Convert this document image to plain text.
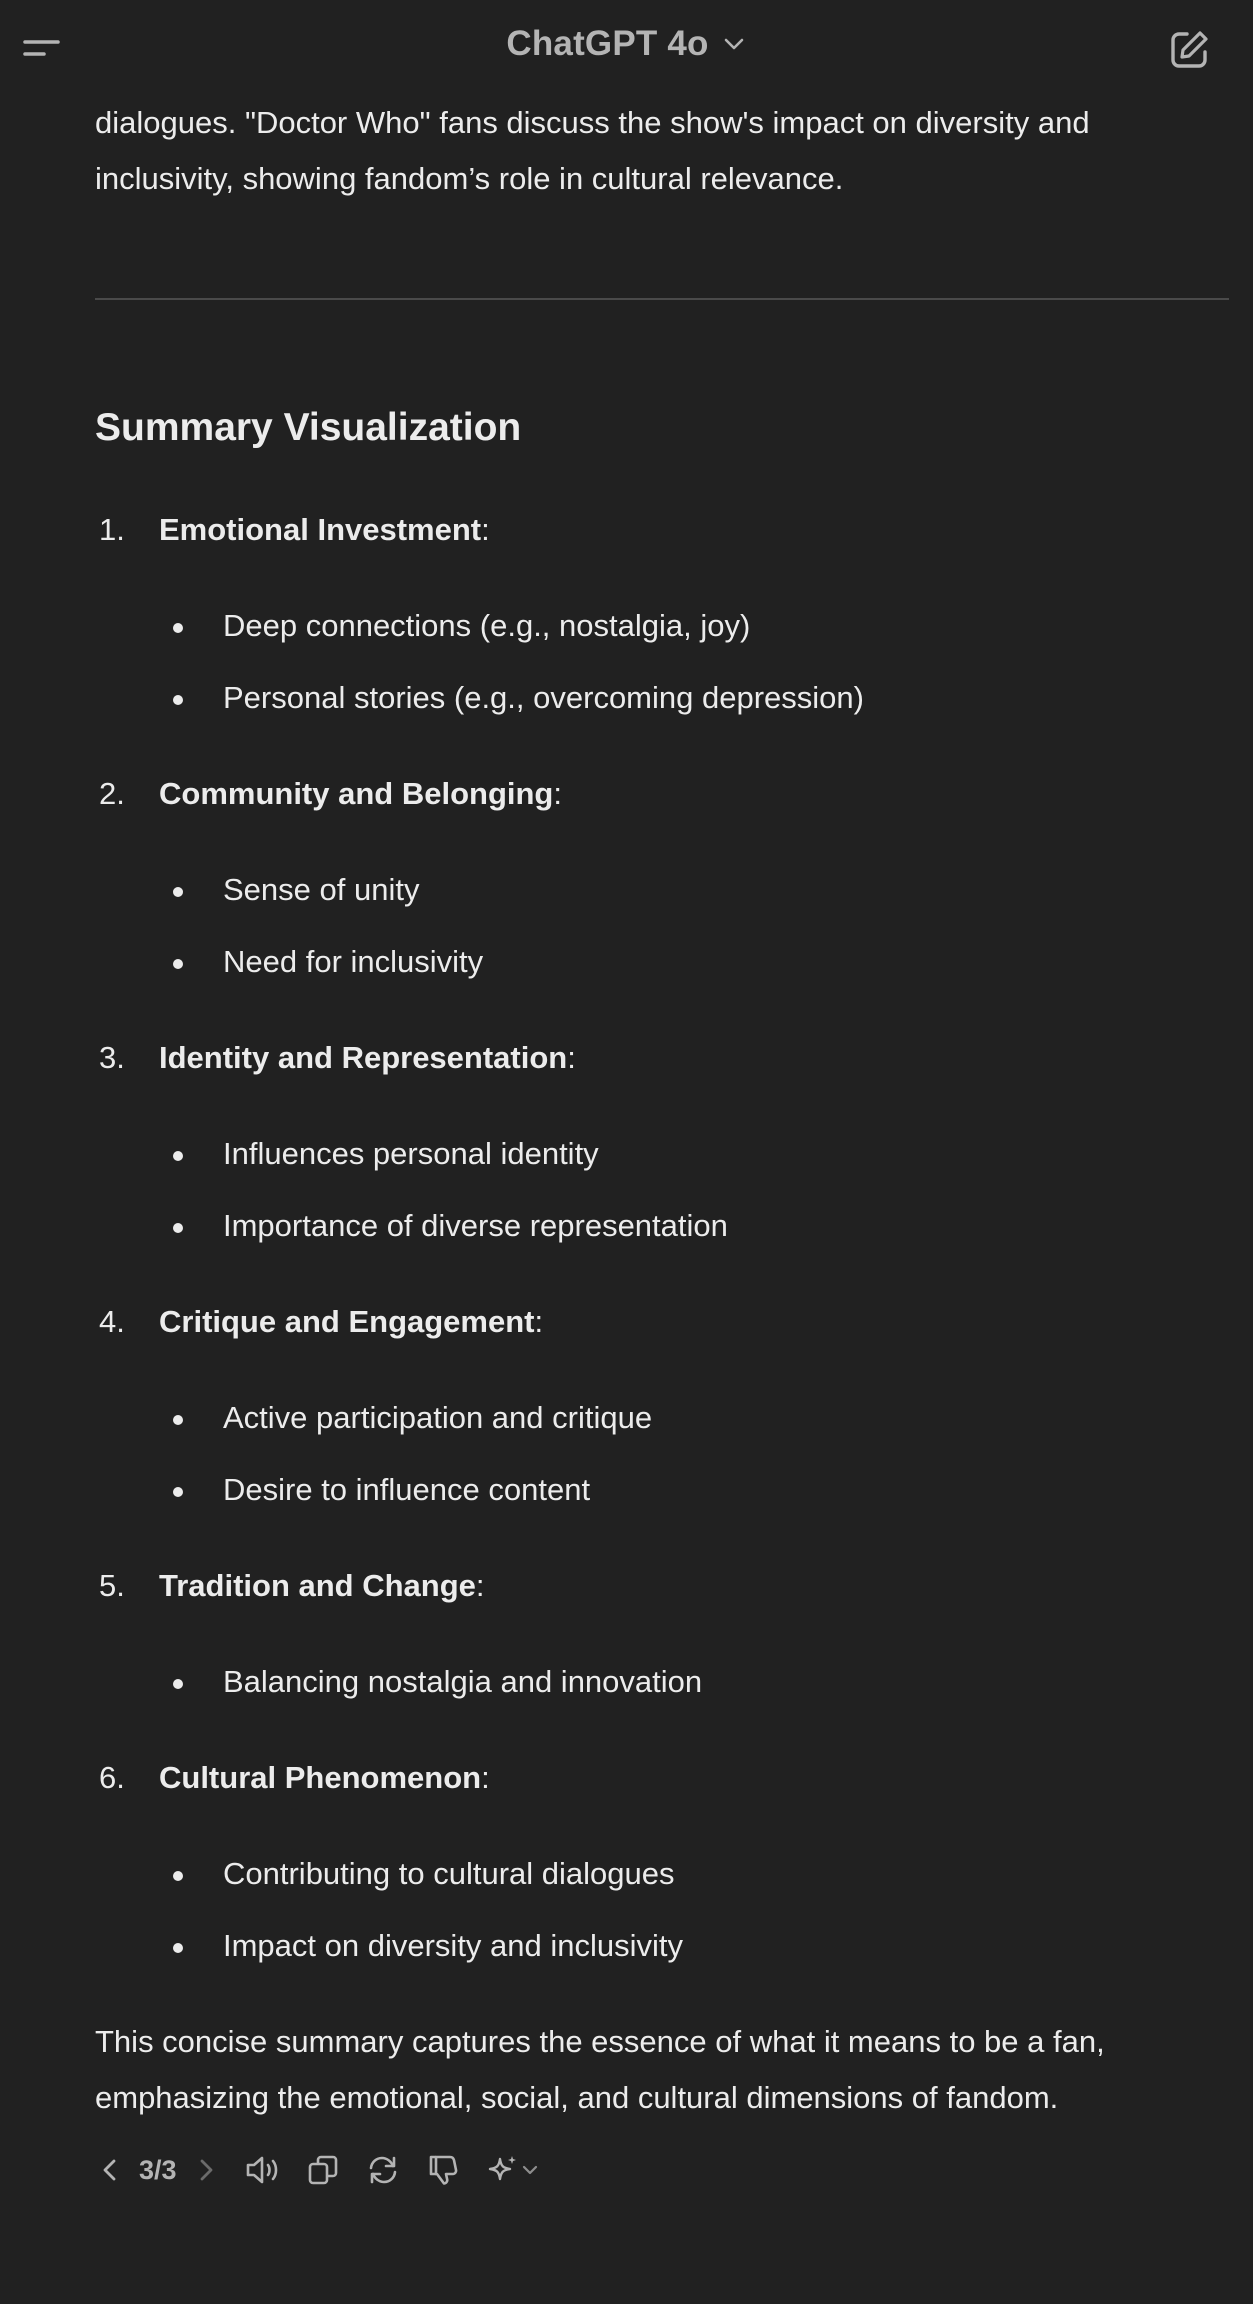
ChatGPT 4o

dialogues. "Doctor Who" fans discuss the show's impact on diversity and inclusivity, showing fandom’s role in cultural relevance.

Summary Visualization
1. Emotional Investment:
Deep connections (e.g., nostalgia, joy)
Personal stories (e.g., overcoming depression)
2. Community and Belonging:
Sense of unity
Need for inclusivity
3. Identity and Representation:
Influences personal identity
Importance of diverse representation
4. Critique and Engagement:
Active participation and critique
Desire to influence content
5. Tradition and Change:
Balancing nostalgia and innovation
6. Cultural Phenomenon:
Contributing to cultural dialogues
Impact on diversity and inclusivity

This concise summary captures the essence of what it means to be a fan, emphasizing the emotional, social, and cultural dimensions of fandom.

3/3
